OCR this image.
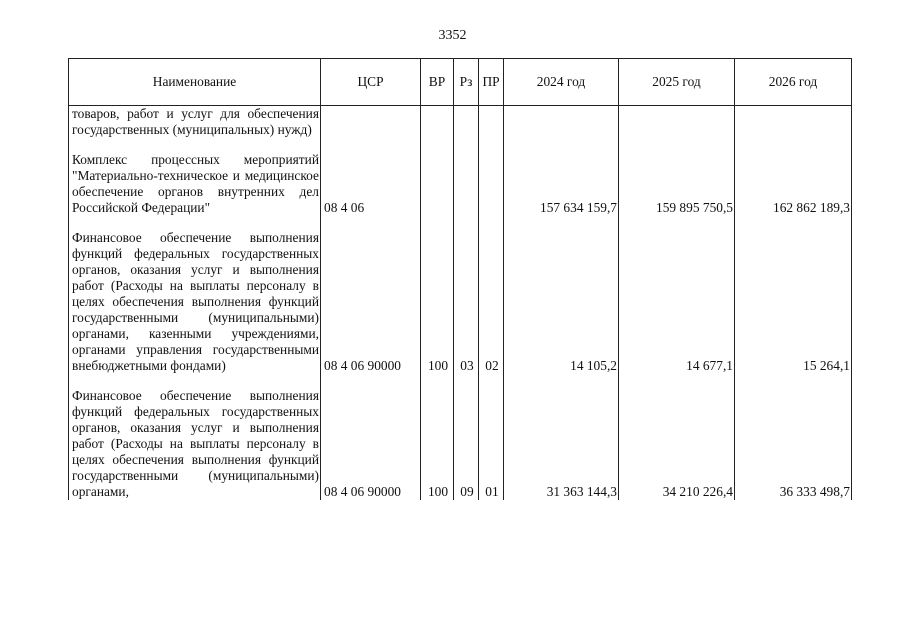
3352
Наименование	ЦСР	ВР	Рз	ПР	2024 год	2025 год	2026 год
товаров, работ и услуг для обеспечения государственных (муниципальных) нужд)							
Комплекс процессных мероприятий "Материально-техническое и медицинское обеспечение органов внутренних дел Российской Федерации"	08 4 06				157 634 159,7	159 895 750,5	162 862 189,3
Финансовое обеспечение выполнения функций федеральных государственных органов, оказания услуг и выполнения работ (Расходы на выплаты персоналу в целях обеспечения выполнения функций государственными (муниципальными) органами, казенными учреждениями, органами управления государственными внебюджетными фондами)	08 4 06 90000	100	03	02	14 105,2	14 677,1	15 264,1
Финансовое обеспечение выполнения функций федеральных государственных органов, оказания услуг и выполнения работ (Расходы на выплаты персоналу в целях обеспечения выполнения функций государственными (муниципальными) органами,	08 4 06 90000	100	09	01	31 363 144,3	34 210 226,4	36 333 498,7
